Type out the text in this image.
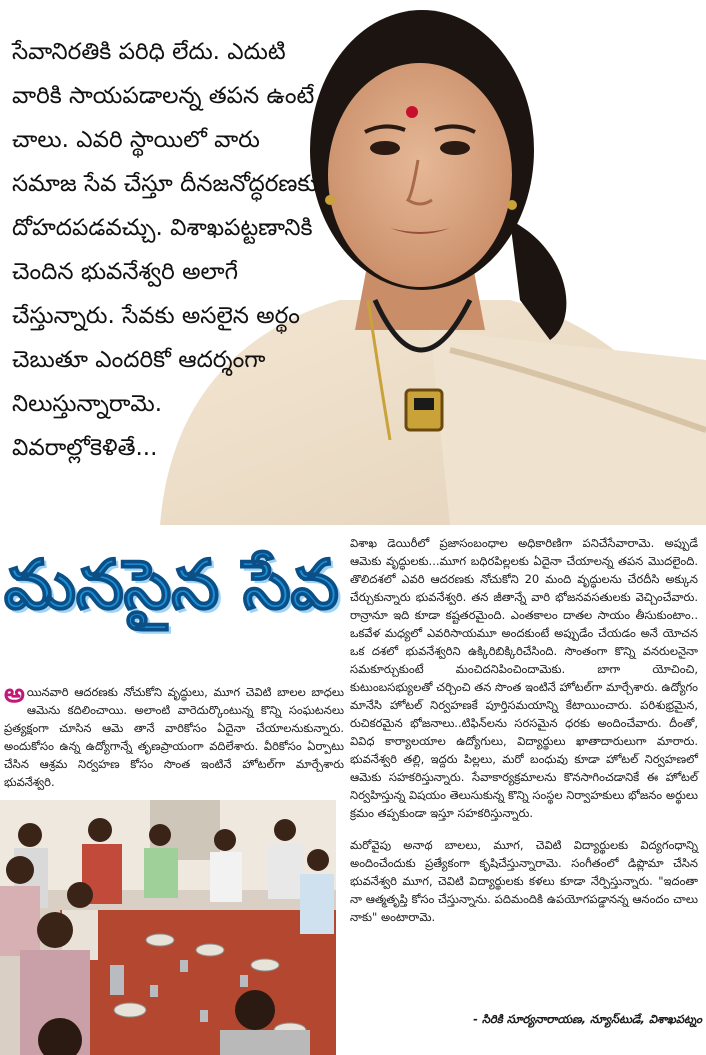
సేవానిరతికి పరిధి లేదు. ఎదుటి
వారికి సాయపడాలన్న తపన ఉంటే
చాలు. ఎవరి స్థాయిలో వారు
సమాజ సేవ చేస్తూ దీనజనోద్ధరణకు
దోహదపడవచ్చు. విశాఖపట్టణానికి
చెందిన భువనేశ్వరి అలాగే
చేస్తున్నారు. సేవకు అసలైన అర్థం
చెబుతూ ఎందరికో ఆదర్శంగా
నిలుస్తున్నారామె.
వివరాల్లోకెళితే...
మనసైన సేవ
అయినవారి ఆదరణకు నోచుకోని వృద్ధులు, మూగ చెవిటి బాలల బాధలు ఆమెను కదిలించాయి. అలాంటి వారెదుర్కొంటున్న కొన్ని సంఘటనలు ప్రత్యక్షంగా చూసిన ఆమె తానే వారికోసం ఏదైనా చేయాలనుకున్నారు. అందుకోసం ఉన్న ఉద్యోగాన్నే తృణప్రాయంగా వదిలేశారు. వీరికోసం ఏర్పాటు చేసిన ఆశ్రమ నిర్వహణ కోసం సొంత ఇంటినే హోటల్‌గా మార్చేశారు భువనేశ్వరి.

విశాఖ డెయిరీలో ప్రజాసంబంధాల అధికారిణిగా పనిచేసేవారామె. అప్పుడే ఆమెకు వృద్ధులకు...మూగ బధిరపిల్లలకు ఏదైనా చేయాలన్న తపన మొదలైంది. తొలిదశలో ఎవరి ఆదరణకు నోచుకోని 20 మంది వృద్ధులను చేరదీసి అక్కున చేర్చుకున్నారు భువనేశ్వరి. తన జీతాన్నే వారి భోజనవసతులకు వెచ్చించేవారు. రాన్రానూ ఇది కూడా కష్టతరమైంది. ఎంతకాలం దాతల సాయం తీసుకుంటాం.. ఒకవేళ మధ్యలో ఎవరిసాయమూ అందకుంటే అప్పుడేం చేయడం అనే యోచన ఒక దశలో భువనేశ్వరిని ఉక్కిరిబిక్కిరిచేసింది. సొంతంగా కొన్ని వనరులనైనా సమకూర్చుకుంటే మంచిదనిపించిందామెకు. బాగా యోచించి, కుటుంబసభ్యులతో చర్చించి తన సొంత ఇంటినే హోటల్‌గా మార్చేశారు. ఉద్యోగం మానేసి హోటల్ నిర్వహణకే పూర్తిసమయాన్ని కేటాయించారు. పరిశుభ్రమైన, రుచికరమైన భోజనాలు..టిఫిన్‌లను సరసమైన ధరకు అందించేవారు. దీంతో, వివిధ కార్యాలయాల ఉద్యోగులు, విద్యార్థులు ఖాతాదారులుగా మారారు. భువనేశ్వరి తల్లి, ఇద్దరు పిల్లలు, మరో బంధువు కూడా హోటల్ నిర్వహణలో ఆమెకు సహకరిస్తున్నారు. సేవాకార్యక్రమాలను కొనసాగించడానికే ఈ హోటల్ నిర్వహిస్తున్న విషయం తెలుసుకున్న కొన్ని సంస్థల నిర్వాహకులు భోజనం అర్థులు క్రమం తప్పకుండా ఇస్తూ సహకరిస్తున్నారు.

మరోవైపు అనాథ బాలలు, మూగ, చెవిటి విద్యార్థులకు విద్యగంధాన్ని అందించేందుకు ప్రత్యేకంగా కృషిచేస్తున్నారామె. సంగీతంలో డిప్లొమా చేసిన భువనేశ్వరి మూగ, చెవిటి విద్యార్థులకు కళలు కూడా నేర్పిస్తున్నారు. "ఇదంతా నా ఆత్మతృప్తి కోసం చేస్తున్నాను. పదిమందికి ఉపయోగపడ్డానన్న ఆనందం చాలు నాకు" అంటారామె.

- సిరికి సూర్యనారాయణ, న్యూస్‌టుడే, విశాఖపట్నం
